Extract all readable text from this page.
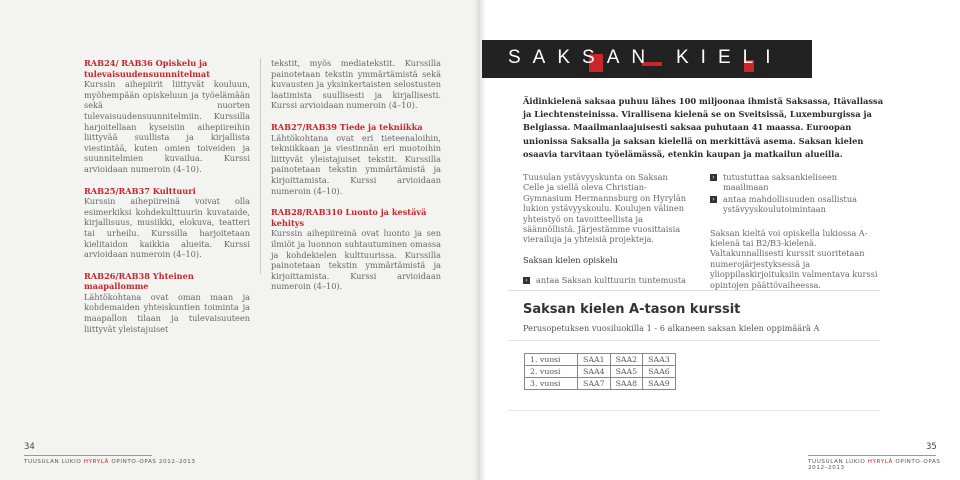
RAB24/ RAB36 Opiskelu ja tulevaisuudensuunnitelmat

Kurssin aihepiirit liittyvät kouluun, myöhempään opiskeluun ja työelämään sekä nuorten tulevaisuudensuunnitelmiin. Kurssilla harjoitellaan kyseisiin aihepiireihin liittyvää suullista ja kirjallista viestintää, kuten omien toiveiden ja suunnitelmien kuvailua. Kurssi arvioidaan numeroin (4–10).

RAB25/RAB37 Kulttuuri

Kurssin aihepiireinä voivat olla esimerkiksi kohdekulttuurin kuvataide, kirjallisuus, musiikki, elokuva, teatteri tai urheilu. Kurssilla harjoitetaan kielitaidon kaikkia alueita. Kurssi arvioidaan numeroin (4–10).

RAB26/RAB38 Yhteinen maapallomme

Lähtökohtana ovat oman maan ja kohdemaiden yhteiskuntien toiminta ja maapallon tilaan ja tulevaisuuteen liittyvät yleistajuiset

tekstit, myös mediatekstit. Kurssilla painotetaan tekstin ymmärtämistä sekä kuvausten ja yksinkertaisten selostusten laatimista suullisesti ja kirjallisesti. Kurssi arvioidaan numeroin (4–10).

RAB27/RAB39 Tiede ja tekniikka

Lähtökohtana ovat eri tieteenaloihin, tekniikkaan ja viestinnän eri muotoihin liittyvät yleistajuiset tekstit. Kurssilla painotetaan tekstin ymmärtämistä ja kirjoittamista. Kurssi arvioidaan numeroin (4–10).

RAB28/RAB310 Luonto ja kestävä kehitys

Kurssin aihepiireinä ovat luonto ja sen ilmiöt ja luonnon suhtautuminen omassa ja kohdekielen kulttuurissa. Kurssilla painotetaan tekstin ymmärtämistä ja kirjoittamista. Kurssi arvioidaan numeroin (4–10).

34
TUUSULAN LUKIO HYRYLÄ OPINTO-OPAS 2012–2013
SAKSAN KIELI
Äidinkielenä saksaa puhuu lähes 100 miljoonaa ihmistä Saksassa, Itävallassa ja Liechtensteinissa. Virallisena kielenä se on Sveitsissä, Luxemburgissa ja Belgiassa. Maailmanlaajuisesti saksaa puhutaan 41 maassa. Euroopan unionissa Saksalla ja saksan kielellä on merkittävä asema. Saksan kielen osaavia tarvitaan työelämässä, etenkin kaupan ja matkailun alueilla.

Tuusulan ystävyyskunta on Saksan Celle ja siellä oleva Christian-Gymnasium Hermannsburg on Hyrylän lukion ystävyyskoulu. Koulujen välinen yhteistyö on tavoitteellista ja säännöllistä. Järjestämme vuosittaisia vierailuja ja yhteisiä projekteja.

Saksan kielen opiskelu

› antaa Saksan kulttuurin tuntemusta
› tutustuttaa saksankieliseen maailmaan
› antaa mahdollisuuden osallistua ystävyyskoulutoimintaan

Saksan kieltä voi opiskella lukiossa A-kielenä tai B2/B3-kielenä. Valtakunnallisesti kurssit suoritetaan numerojärjestyksessä ja ylioppilaskirjoituksiin valmentava kurssi opintojen päättövaiheessa.

Saksan kielen A-tason kurssit
Perusopetuksen vuosiluokilla 1 - 6 alkaneen saksan kielen oppimäärä A
1. vuosi	SAA1	SAA2	SAA3
2. vuosi	SAA4	SAA5	SAA6
3. vuosi	SAA7	SAA8	SAA9
35
TUUSULAN LUKIO HYRYLÄ OPINTO-OPAS 2012–2013
